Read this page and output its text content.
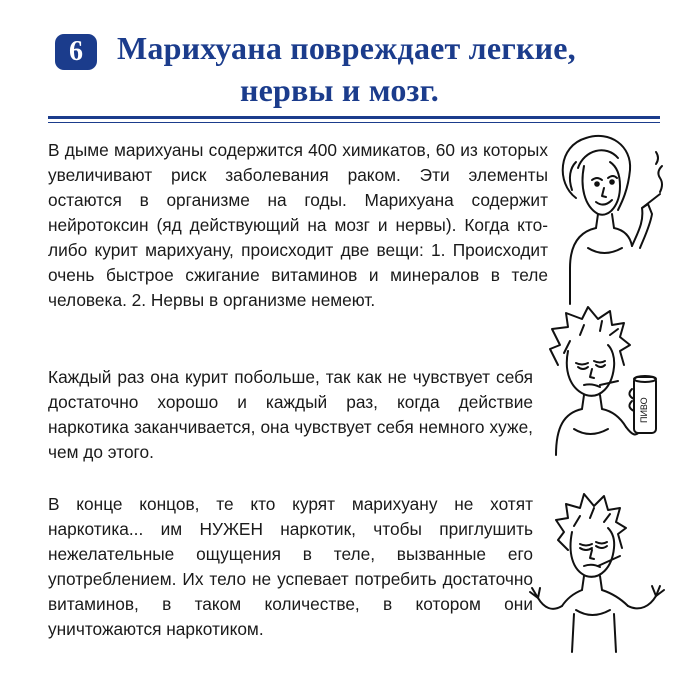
6	Марихуана повреждает легкие,
нервы и мозг.
В дыме марихуаны содержится 400 химикатов, 60 из которых увеличивают риск заболевания раком. Эти элементы остаются в организме на годы. Марихуана содержит нейротоксин (яд действующий на мозг и нервы). Когда кто-либо курит марихуану, происходит две вещи: 1. Происходит очень быстрое сжигание витаминов и минералов в теле человека. 2. Нервы в организме немеют.
Каждый раз она курит побольше, так как не чувствует себя достаточно хорошо и каждый раз, когда действие наркотика заканчивается, она чувствует себя немного хуже, чем до этого.
В конце концов, те кто курят марихуану не хотят наркотика... им НУЖЕН наркотик, чтобы приглушить нежелательные ощущения в теле, вызванные его употреблением. Их тело не успевает потребить достаточно витаминов, в таком количестве, в котором они уничтожаются наркотиком.
ПИВО
